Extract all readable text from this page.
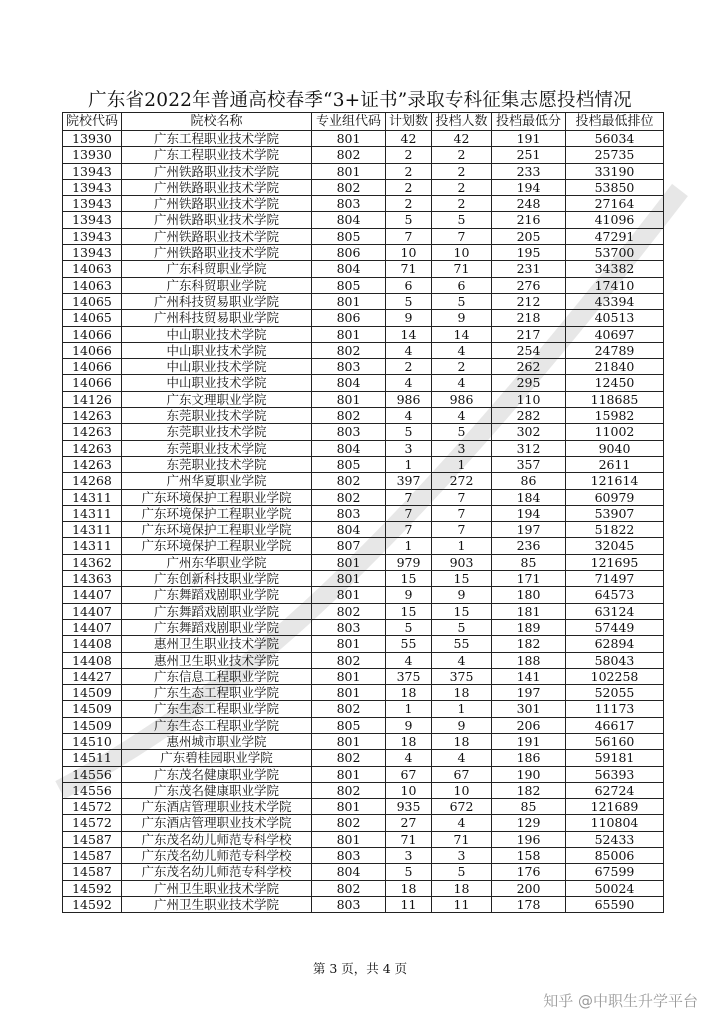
广东省2022年普通高校春季“3+证书”录取专科征集志愿投档情况
院校代码	院校名称	专业组代码	计划数	投档人数	投档最低分	投档最低排位
13930	广东工程职业技术学院	801	42	42	191	56034
13930	广东工程职业技术学院	802	2	2	251	25735
13943	广州铁路职业技术学院	801	2	2	233	33190
13943	广州铁路职业技术学院	802	2	2	194	53850
13943	广州铁路职业技术学院	803	2	2	248	27164
13943	广州铁路职业技术学院	804	5	5	216	41096
13943	广州铁路职业技术学院	805	7	7	205	47291
13943	广州铁路职业技术学院	806	10	10	195	53700
14063	广东科贸职业学院	804	71	71	231	34382
14063	广东科贸职业学院	805	6	6	276	17410
14065	广州科技贸易职业学院	801	5	5	212	43394
14065	广州科技贸易职业学院	806	9	9	218	40513
14066	中山职业技术学院	801	14	14	217	40697
14066	中山职业技术学院	802	4	4	254	24789
14066	中山职业技术学院	803	2	2	262	21840
14066	中山职业技术学院	804	4	4	295	12450
14126	广东文理职业学院	801	986	986	110	118685
14263	东莞职业技术学院	802	4	4	282	15982
14263	东莞职业技术学院	803	5	5	302	11002
14263	东莞职业技术学院	804	3	3	312	9040
14263	东莞职业技术学院	805	1	1	357	2611
14268	广州华夏职业学院	802	397	272	86	121614
14311	广东环境保护工程职业学院	802	7	7	184	60979
14311	广东环境保护工程职业学院	803	7	7	194	53907
14311	广东环境保护工程职业学院	804	7	7	197	51822
14311	广东环境保护工程职业学院	807	1	1	236	32045
14362	广州东华职业学院	801	979	903	85	121695
14363	广东创新科技职业学院	801	15	15	171	71497
14407	广东舞蹈戏剧职业学院	801	9	9	180	64573
14407	广东舞蹈戏剧职业学院	802	15	15	181	63124
14407	广东舞蹈戏剧职业学院	803	5	5	189	57449
14408	惠州卫生职业技术学院	801	55	55	182	62894
14408	惠州卫生职业技术学院	802	4	4	188	58043
14427	广东信息工程职业学院	801	375	375	141	102258
14509	广东生态工程职业学院	801	18	18	197	52055
14509	广东生态工程职业学院	802	1	1	301	11173
14509	广东生态工程职业学院	805	9	9	206	46617
14510	惠州城市职业学院	801	18	18	191	56160
14511	广东碧桂园职业学院	802	4	4	186	59181
14556	广东茂名健康职业学院	801	67	67	190	56393
14556	广东茂名健康职业学院	802	10	10	182	62724
14572	广东酒店管理职业技术学院	801	935	672	85	121689
14572	广东酒店管理职业技术学院	802	27	4	129	110804
14587	广东茂名幼儿师范专科学校	801	71	71	196	52433
14587	广东茂名幼儿师范专科学校	803	3	3	158	85006
14587	广东茂名幼儿师范专科学校	804	5	5	176	67599
14592	广州卫生职业技术学院	802	18	18	200	50024
14592	广州卫生职业技术学院	803	11	11	178	65590
第 3 页，共 4 页
知乎 @中职生升学平台
